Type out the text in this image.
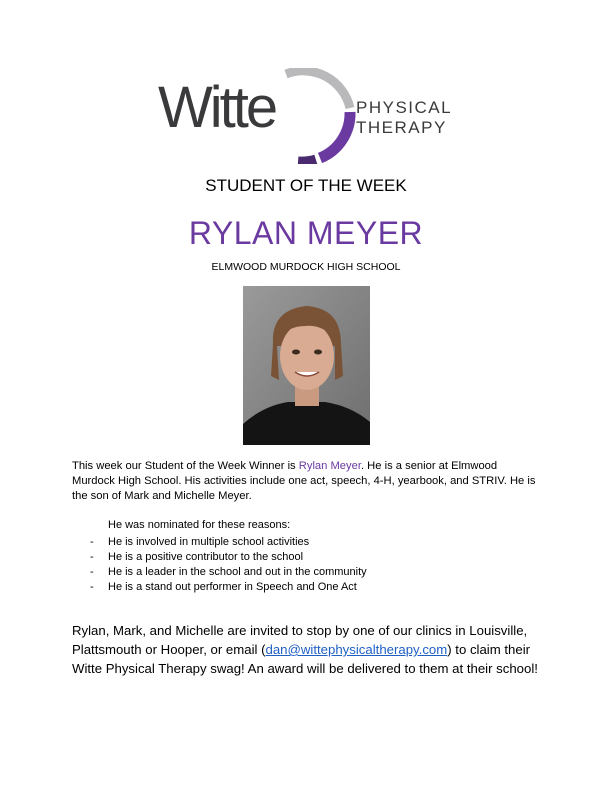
Witte	PHYSICAL
THERAPY
STUDENT OF THE WEEK
RYLAN MEYER
ELMWOOD MURDOCK HIGH SCHOOL
This week our Student of the Week Winner is Rylan Meyer. He is a senior at Elmwood Murdock High School. His activities include one act, speech, 4-H, yearbook, and STRIV. He is the son of Mark and Michelle Meyer.
He was nominated for these reasons:
- He is involved in multiple school activities
- He is a positive contributor to the school
- He is a leader in the school and out in the community
- He is a stand out performer in Speech and One Act
Rylan, Mark, and Michelle are invited to stop by one of our clinics in Louisville, Plattsmouth or Hooper, or email (dan@wittephysicaltherapy.com) to claim their Witte Physical Therapy swag! An award will be delivered to them at their school!
